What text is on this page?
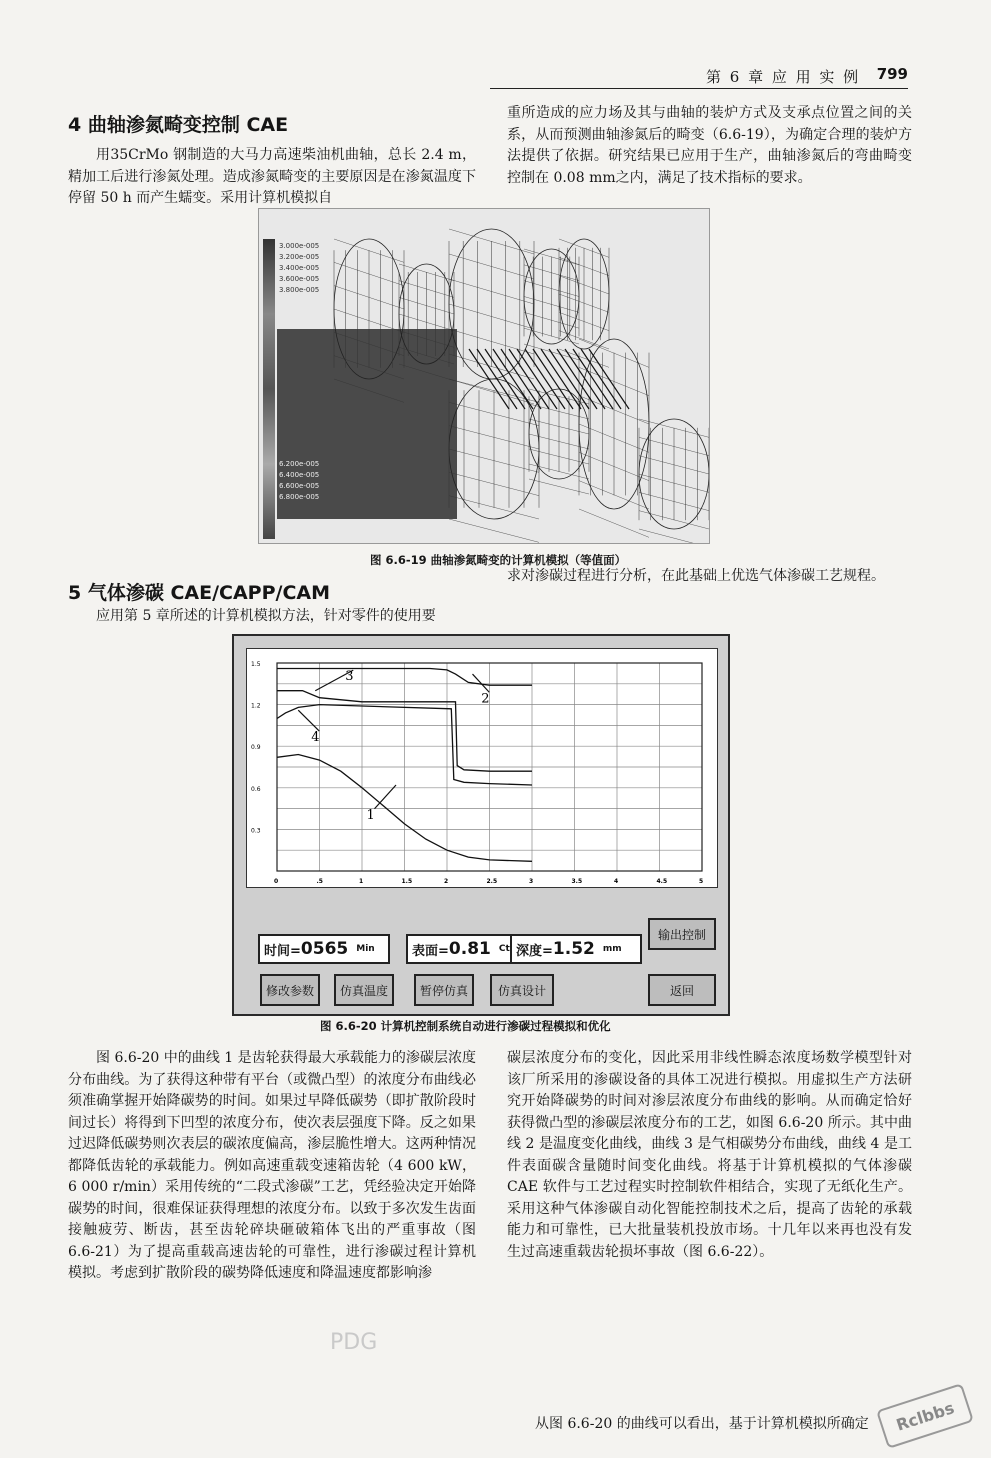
第 6 章 应 用 实 例 799
4 曲轴渗氮畸变控制 CAE

用35CrMo 钢制造的大马力高速柴油机曲轴，总长 2.4 m，精加工后进行渗氮处理。造成渗氮畸变的主要原因是在渗氮温度下停留 50 h 而产生蠕变。采用计算机模拟自

重所造成的应力场及其与曲轴的装炉方式及支承点位置之间的关系，从而预测曲轴渗氮后的畸变（6.6-19），为确定合理的装炉方法提供了依据。研究结果已应用于生产，曲轴渗氮后的弯曲畸变控制在 0.08 mm之内，满足了技术指标的要求。

3.000e-005
3.200e-005
3.400e-005
3.600e-005
3.800e-005
6.200e-005
6.400e-005
6.600e-005
6.800e-005
图 6.6-19 曲轴渗氮畸变的计算机模拟（等值面）
5 气体渗碳 CAE/CAPP/CAM

应用第 5 章所述的计算机模拟方法，针对零件的使用要

求对渗碳过程进行分析，在此基础上优选气体渗碳工艺规程。

1.5
1.2
0.9
0.6
0.3
0	.5	1	1.5	2	2.5	3	3.5	4	4.5	5
1
2
3
4
时间= 0565 Min	表面= 0.81 Ct 深度= 1.52 mm
修改参数	仿真温度	暂停仿真	仿真设计
输出控制
返回
图 6.6-20 计算机控制系统自动进行渗碳过程模拟和优化

图 6.6-20 中的曲线 1 是齿轮获得最大承载能力的渗碳层浓度分布曲线。为了获得这种带有平台（或微凸型）的浓度分布曲线必须准确掌握开始降碳势的时间。如果过早降低碳势（即扩散阶段时间过长）将得到下凹型的浓度分布，使次表层强度下降。反之如果过迟降低碳势则次表层的碳浓度偏高，渗层脆性增大。这两种情况都降低齿轮的承载能力。例如高速重载变速箱齿轮（4 600 kW，6 000 r/min）采用传统的“二段式渗碳”工艺，凭经验决定开始降碳势的时间，很难保证获得理想的浓度分布。以致于多次发生齿面接触疲劳、断齿，甚至齿轮碎块砸破箱体飞出的严重事故（图 6.6-21）为了提高重载高速齿轮的可靠性，进行渗碳过程计算机模拟。考虑到扩散阶段的碳势降低速度和降温速度都影响渗

碳层浓度分布的变化，因此采用非线性瞬态浓度场数学模型针对该厂所采用的渗碳设备的具体工况进行模拟。用虚拟生产方法研究开始降碳势的时间对渗层浓度分布曲线的影响。从而确定恰好获得微凸型的渗碳层浓度分布的工艺，如图 6.6-20 所示。其中曲线 2 是温度变化曲线，曲线 3 是气相碳势分布曲线，曲线 4 是工件表面碳含量随时间变化曲线。将基于计算机模拟的气体渗碳 CAE 软件与工艺过程实时控制软件相结合，实现了无纸化生产。采用这种气体渗碳自动化智能控制技术之后，提高了齿轮的承载能力和可靠性，已大批量装机投放市场。十几年以来再也没有发生过高速重载齿轮损坏事故（图 6.6-22）。

从图 6.6-20 的曲线可以看出，基于计算机模拟所确定

PDG
Rclbbs
